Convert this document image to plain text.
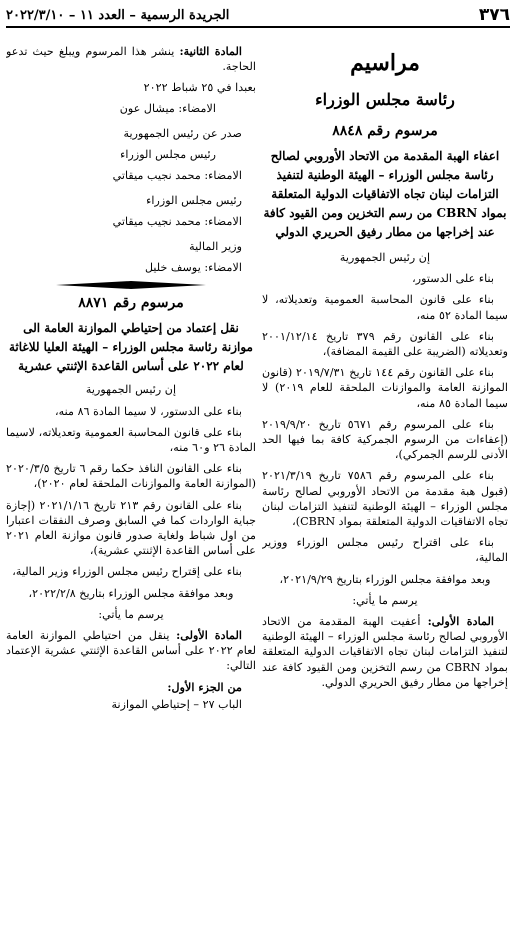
٣٧٦
الجريدة الرسمية – العدد ١١ – ٢٠٢٢/٣/١٠
مراسيم
رئاسة مجلس الوزراء
مرسوم رقم ٨٨٤٨
اعفاء الهبة المقدمة من الاتحاد الأوروبي لصالح رئاسة مجلس الوزراء – الهيئة الوطنية لتنفيذ التزامات لبنان تجاه الاتفاقيات الدولية المتعلقة بمواد CBRN من رسم التخزين ومن القيود كافة عند إخراجها من مطار رفيق الحريري الدولي

إن رئيس الجمهورية

بناء على الدستور،

بناء على قانون المحاسبة العمومية وتعديلاته، لا سيما المادة ٥٢ منه،

بناء على القانون رقم ٣٧٩ تاريخ ٢٠٠١/١٢/١٤ وتعديلاته (الضريبة على القيمة المضافة)،

بناء على القانون رقم ١٤٤ تاريخ ٢٠١٩/٧/٣١ (قانون الموازنة العامة والموازنات الملحقة للعام ٢٠١٩) لا سيما المادة ٨٥ منه،

بناء على المرسوم رقم ٥٦٧١ تاريخ ٢٠١٩/٩/٢٠ (إعفاءات من الرسوم الجمركية كافة بما فيها الحد الأدنى للرسم الجمركي)،

بناء على المرسوم رقم ٧٥٨٦ تاريخ ٢٠٢١/٣/١٩ (قبول هبة مقدمة من الاتحاد الأوروبي لصالح رئاسة مجلس الوزراء – الهيئة الوطنية لتنفيذ التزامات لبنان تجاه الاتفاقيات الدولية المتعلقة بمواد CBRN)،

بناء على اقتراح رئيس مجلس الوزراء ووزير المالية،

وبعد موافقة مجلس الوزراء بتاريخ ٢٠٢١/٩/٢٩،

يرسم ما يأتي:

المادة الأولى: أعفيت الهبة المقدمة من الاتحاد الأوروبي لصالح رئاسة مجلس الوزراء – الهيئة الوطنية لتنفيذ التزامات لبنان تجاه الاتفاقيات الدولية المتعلقة بمواد CBRN من رسم التخزين ومن القيود كافة عند إخراجها من مطار رفيق الحريري الدولي.

المادة الثانية: ينشر هذا المرسوم ويبلغ حيث تدعو الحاجة.

بعبدا في ٢٥ شباط ٢٠٢٢

الامضاء: ميشال عون

صدر عن رئيس الجمهورية

رئيس مجلس الوزراء

الامضاء: محمد نجيب ميقاتي

رئيس مجلس الوزراء

الامضاء: محمد نجيب ميقاتي

وزير المالية

الامضاء: يوسف خليل

مرسوم رقم ٨٨٧١
نقل إعتماد من إحتياطي الموازنة العامة الى موازنة رئاسة مجلس الوزراء – الهيئة العليا للاغاثة لعام ٢٠٢٢ على أساس القاعدة الإثنتي عشرية

إن رئيس الجمهورية

بناء على الدستور، لا سيما المادة ٨٦ منه،

بناء على قانون المحاسبة العمومية وتعديلاته، لاسيما المادة ٢٦ و٦٠ منه،

بناء على القانون النافذ حكما رقم ٦ تاريخ ٢٠٢٠/٣/٥ (الموازنة العامة والموازنات الملحقة لعام ٢٠٢٠)،

بناء على القانون رقم ٢١٣ تاريخ ٢٠٢١/١/١٦ (إجازة جباية الواردات كما في السابق وصرف النفقات اعتبارا من اول شباط ولغاية صدور قانون موازنة العام ٢٠٢١ على أساس القاعدة الإثنتي عشرية)،

بناء على إقتراح رئيس مجلس الوزراء وزير المالية،

وبعد موافقة مجلس الوزراء بتاريخ ٢٠٢٢/٢/٨،

يرسم ما يأتي:

المادة الأولى: ينقل من احتياطي الموازنة العامة لعام ٢٠٢٢ على أساس القاعدة الإثنتي عشرية الإعتماد التالي:

من الجزء الأول:

الباب ٢٧ – إحتياطي الموازنة
